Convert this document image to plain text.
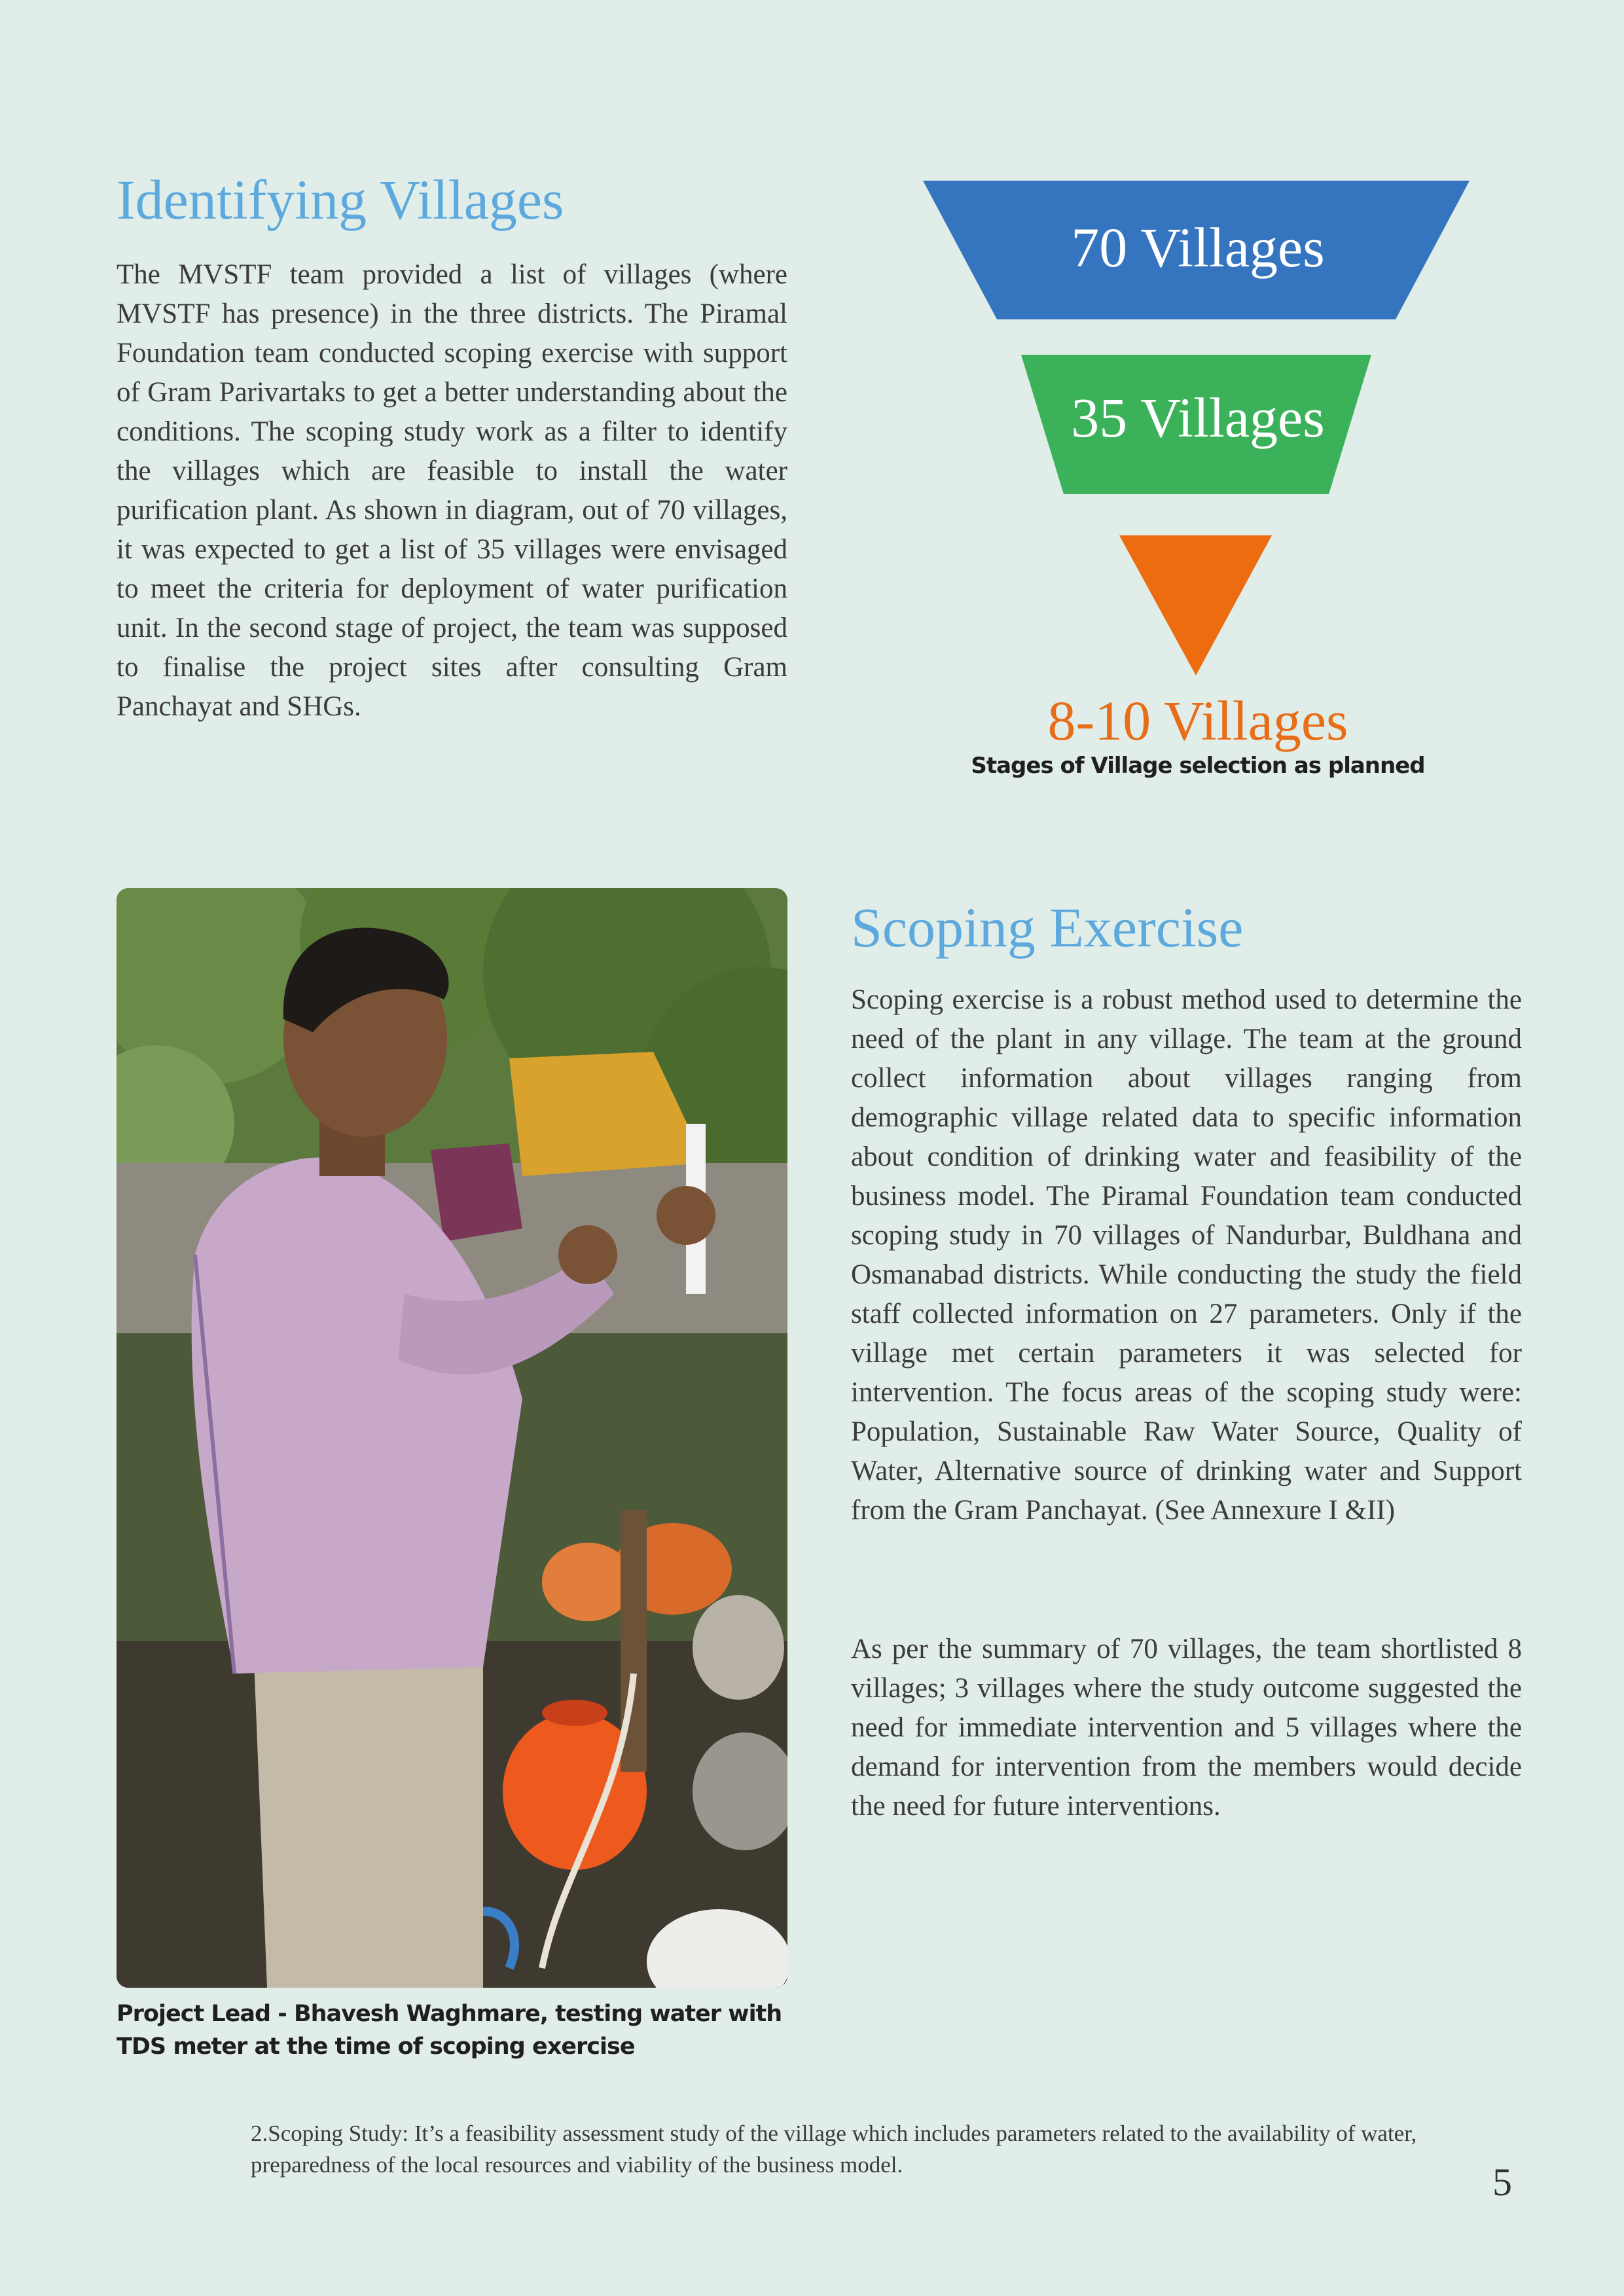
Identifying Villages

The MVSTF team provided a list of villages (where MVSTF has presence) in the three districts. The Piramal Foundation team conducted scoping exercise with support of Gram Parivartaks to get a better understanding about the conditions. The scoping study work as a filter to identify the villages which are feasible to install the water purification plant. As shown in diagram, out of 70 villages, it was expected to get a list of 35 villages were envisaged to meet the criteria for deployment of water purification unit. In the second stage of project, the team was supposed to finalise the project sites after consulting Gram Panchayat and SHGs.

70 Villages
35 Villages
8-10 Villages
Stages of Village selection as planned
Project Lead - Bhavesh Waghmare, testing water with TDS meter at the time of scoping exercise
Scoping Exercise

Scoping exercise is a robust method used to determine the need of the plant in any village. The team at the ground collect information about villages ranging from demographic village related data to specific information about condition of drinking water and feasibility of the business model. The Piramal Foundation team conducted scoping study in 70 villages of Nandurbar, Buldhana and Osmanabad districts. While conducting the study the field staff collected information on 27 parameters. Only if the village met certain parameters it was selected for intervention. The focus areas of the scoping study were: Population, Sustainable Raw Water Source, Quality of Water, Alternative source of drinking water and Support from the Gram Panchayat. (See Annexure I &II)

As per the summary of 70 villages, the team shortlisted 8 villages; 3 villages where the study outcome suggested the need for immediate intervention and 5 villages where the demand for intervention from the members would decide the need for future interventions.

2.Scoping Study: It’s a feasibility assessment study of the village which includes parameters related to the availability of water, preparedness of the local resources and viability of the business model.	5
